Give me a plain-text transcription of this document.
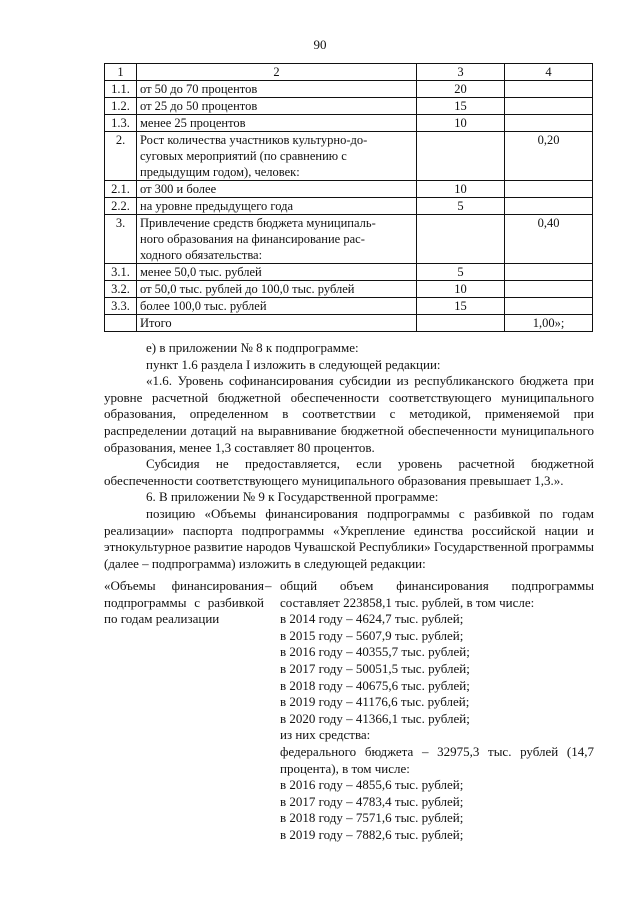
90
1	2	3	4
1.1.	от 50 до 70 процентов	20	
1.2.	от 25 до 50 процентов	15	
1.3.	менее 25 процентов	10	
2.	Рост количества участников культурно-до-
суговых мероприятий (по сравнению с
предыдущим годом), человек:		0,20
2.1.	от 300 и более	10	
2.2.	на уровне предыдущего года	5	
3.	Привлечение средств бюджета муниципаль-
ного образования на финансирование рас-
ходного обязательства:		0,40
3.1.	менее 50,0 тыс. рублей	5	
3.2.	от 50,0 тыс. рублей до 100,0 тыс. рублей	10	
3.3.	более 100,0 тыс. рублей	15	
	Итого		1,00»;

е) в приложении № 8 к подпрограмме:

пункт 1.6 раздела I изложить в следующей редакции:

«1.6. Уровень софинансирования субсидии из республиканского бюджета при уровне расчетной бюджетной обеспеченности соответствующего муниципального образования, определенном в соответствии с методикой, применяемой при распределении дотаций на выравнивание бюджетной обеспеченности муниципального образования, менее 1,3 составляет 80 процентов.

Субсидия не предоставляется, если уровень расчетной бюджетной обеспеченности соответствующего муниципального образования превышает 1,3.».

6. В приложении № 9 к Государственной программе:

позицию «Объемы финансирования подпрограммы с разбивкой по годам реализации» паспорта подпрограммы «Укрепление единства российской нации и этнокультурное развитие народов Чувашской Республики» Государственной программы (далее – подпрограмма) изложить в следующей редакции:

«Объемы финансирования подпрограммы с разбивкой по годам реализации
– общий объем финансирования подпрограммы составляет 223858,1 тыс. рублей, в том числе:
в 2014 году – 4624,7 тыс. рублей;
в 2015 году – 5607,9 тыс. рублей;
в 2016 году – 40355,7 тыс. рублей;
в 2017 году – 50051,5 тыс. рублей;
в 2018 году – 40675,6 тыс. рублей;
в 2019 году – 41176,6 тыс. рублей;
в 2020 году – 41366,1 тыс. рублей;
из них средства:
федерального бюджета – 32975,3 тыс. рублей (14,7 процента), в том числе:
в 2016 году – 4855,6 тыс. рублей;
в 2017 году – 4783,4 тыс. рублей;
в 2018 году – 7571,6 тыс. рублей;
в 2019 году – 7882,6 тыс. рублей;
